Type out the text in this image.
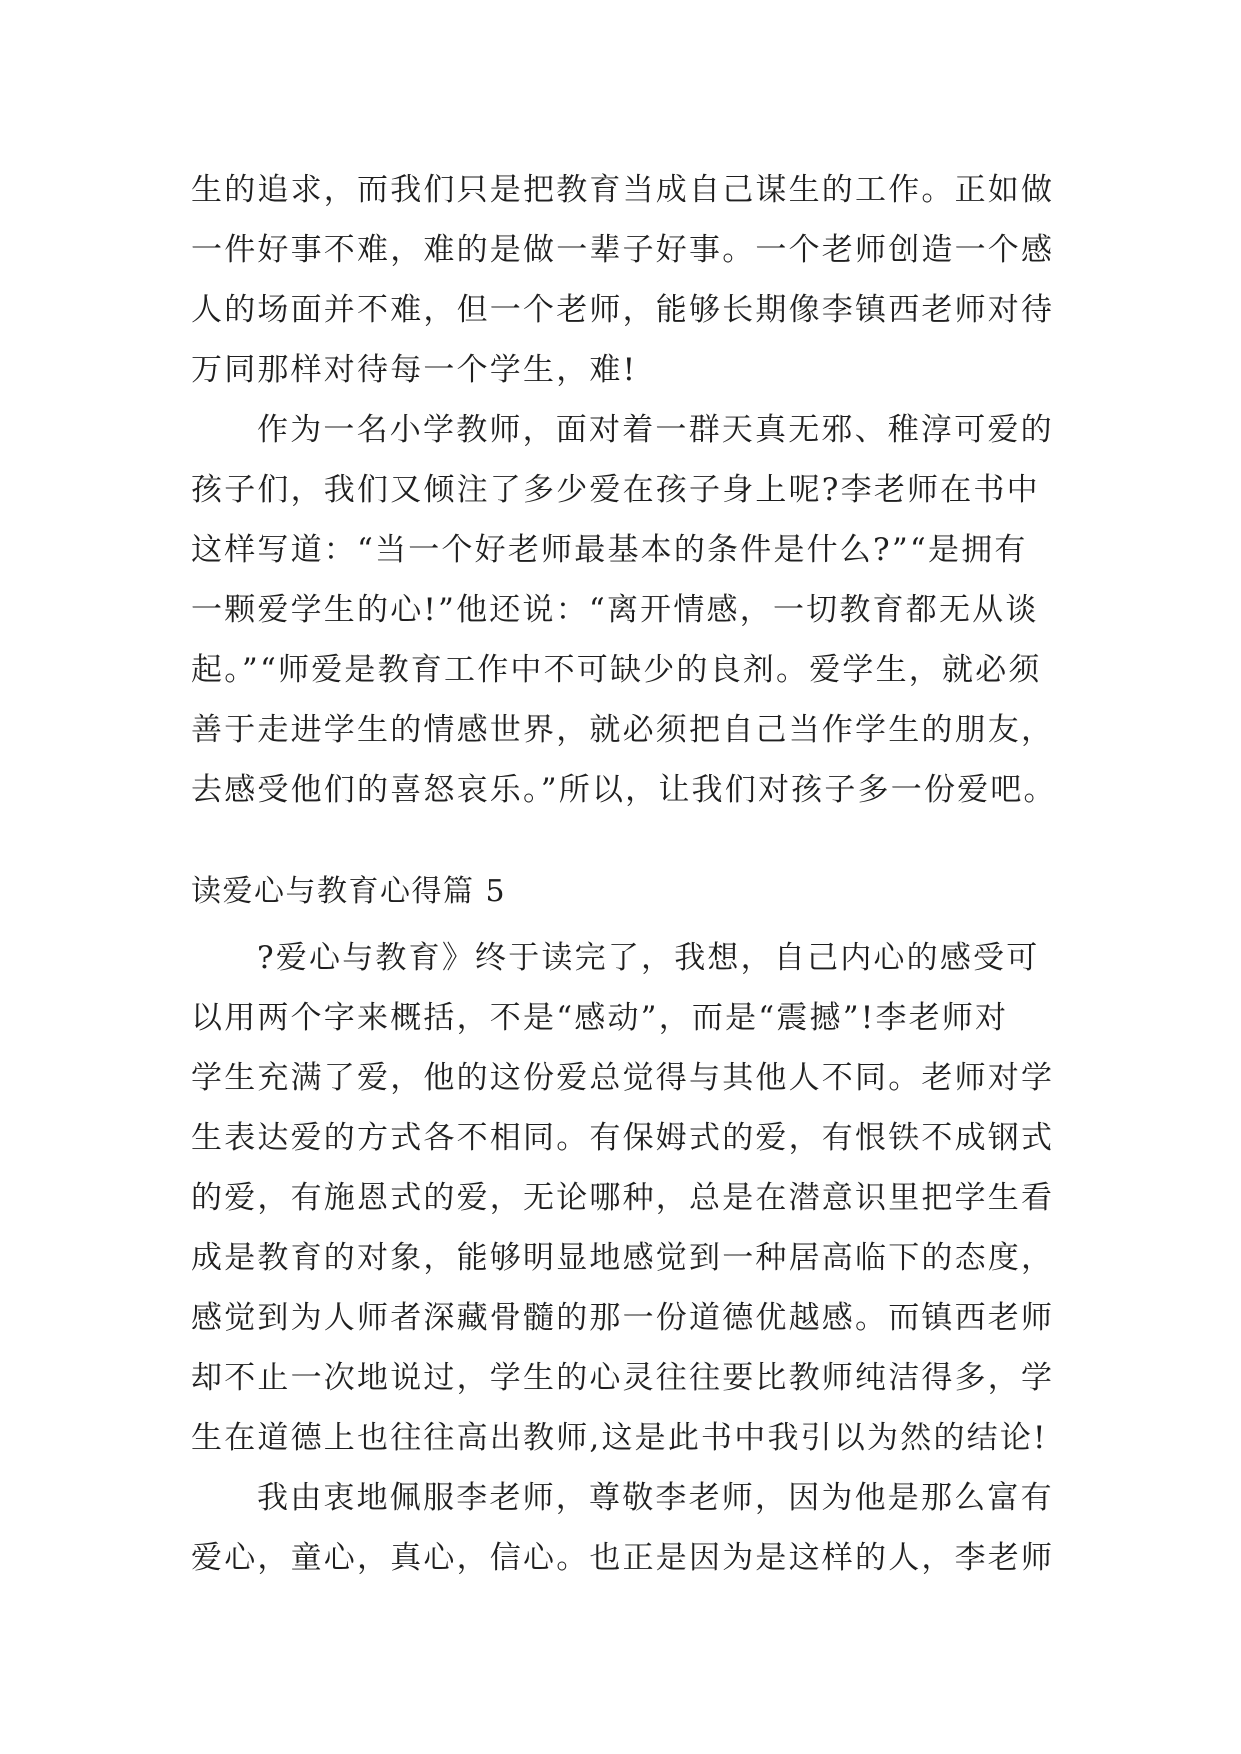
生的追求，而我们只是把教育当成自己谋生的工作。正如做
一件好事不难，难的是做一辈子好事。一个老师创造一个感
人的场面并不难，但一个老师，能够长期像李镇西老师对待
万同那样对待每一个学生，难!
作为一名小学教师，面对着一群天真无邪、稚淳可爱的
孩子们，我们又倾注了多少爱在孩子身上呢?李老师在书中
这样写道：“当一个好老师最基本的条件是什么?”“是拥有
一颗爱学生的心!”他还说：“离开情感，一切教育都无从谈
起。”“师爱是教育工作中不可缺少的良剂。爱学生，就必须
善于走进学生的情感世界，就必须把自己当作学生的朋友，
去感受他们的喜怒哀乐。”所以，让我们对孩子多一份爱吧。
读爱心与教育心得篇 5
?爱心与教育》终于读完了，我想，自己内心的感受可
以用两个字来概括，不是“感动”，而是“震撼”!李老师对
学生充满了爱，他的这份爱总觉得与其他人不同。老师对学
生表达爱的方式各不相同。有保姆式的爱，有恨铁不成钢式
的爱，有施恩式的爱，无论哪种，总是在潜意识里把学生看
成是教育的对象，能够明显地感觉到一种居高临下的态度，
感觉到为人师者深藏骨髓的那一份道德优越感。而镇西老师
却不止一次地说过，学生的心灵往往要比教师纯洁得多，学
生在道德上也往往高出教师,这是此书中我引以为然的结论!
我由衷地佩服李老师，尊敬李老师，因为他是那么富有
爱心，童心，真心，信心。也正是因为是这样的人，李老师
